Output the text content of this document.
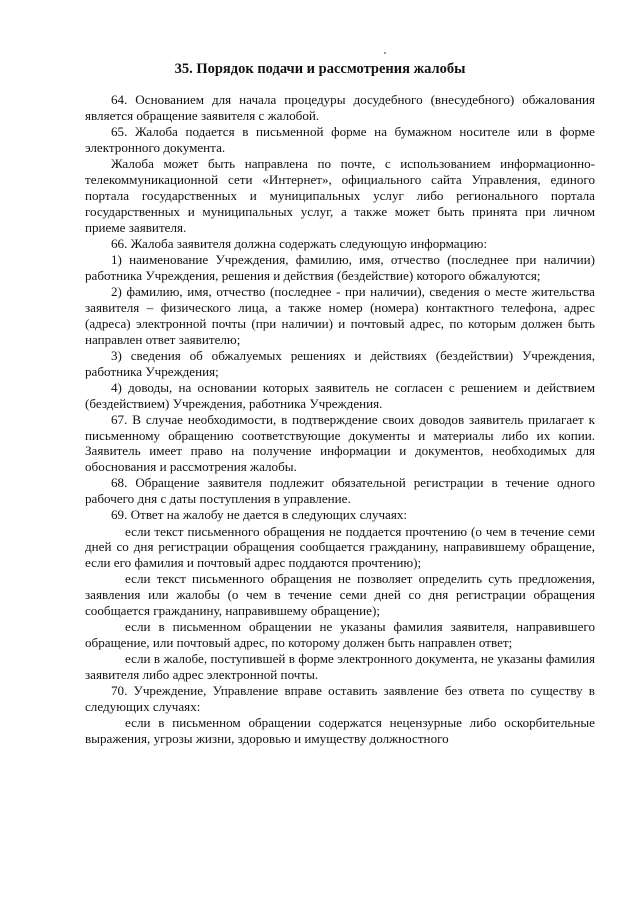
35. Порядок подачи и рассмотрения жалобы

64. Основанием для начала процедуры досудебного (внесудебного) обжалования является обращение заявителя с жалобой.

65. Жалоба подается в письменной форме на бумажном носителе или в форме электронного документа.

Жалоба может быть направлена по почте, с использованием информационно-телекоммуникационной сети «Интернет», официального сайта Управления, единого портала государственных и муниципальных услуг либо регионального портала государственных и муниципальных услуг, а также может быть принята при личном приеме заявителя.

66. Жалоба заявителя должна содержать следующую информацию:

1) наименование Учреждения, фамилию, имя, отчество (последнее при наличии) работника Учреждения, решения и действия (бездействие) которого обжалуются;

2) фамилию, имя, отчество (последнее - при наличии), сведения о месте жительства заявителя – физического лица, а также номер (номера) контактного телефона, адрес (адреса) электронной почты (при наличии) и почтовый адрес, по которым должен быть направлен ответ заявителю;

3) сведения об обжалуемых решениях и действиях (бездействии) Учреждения, работника Учреждения;

4) доводы, на основании которых заявитель не согласен с решением и действием (бездействием) Учреждения, работника Учреждения.

67. В случае необходимости, в подтверждение своих доводов заявитель прилагает к письменному обращению соответствующие документы и материалы либо их копии. Заявитель имеет право на получение информации и документов, необходимых для обоснования и рассмотрения жалобы.

68. Обращение заявителя подлежит обязательной регистрации в течение одного рабочего дня с даты поступления в управление.

69. Ответ на жалобу не дается в следующих случаях:

если текст письменного обращения не поддается прочтению (о чем в течение семи дней со дня регистрации обращения сообщается гражданину, направившему обращение, если его фамилия и почтовый адрес поддаются прочтению);

если текст письменного обращения не позволяет определить суть предложения, заявления или жалобы (о чем в течение семи дней со дня регистрации обращения сообщается гражданину, направившему обращение);

если в письменном обращении не указаны фамилия заявителя, направившего обращение, или почтовый адрес, по которому должен быть направлен ответ;

если в жалобе, поступившей в форме электронного документа, не указаны фамилия заявителя либо адрес электронной почты.

70. Учреждение, Управление вправе оставить заявление без ответа по существу в следующих случаях:

если в письменном обращении содержатся нецензурные либо оскорбительные выражения, угрозы жизни, здоровью и имуществу должностного
